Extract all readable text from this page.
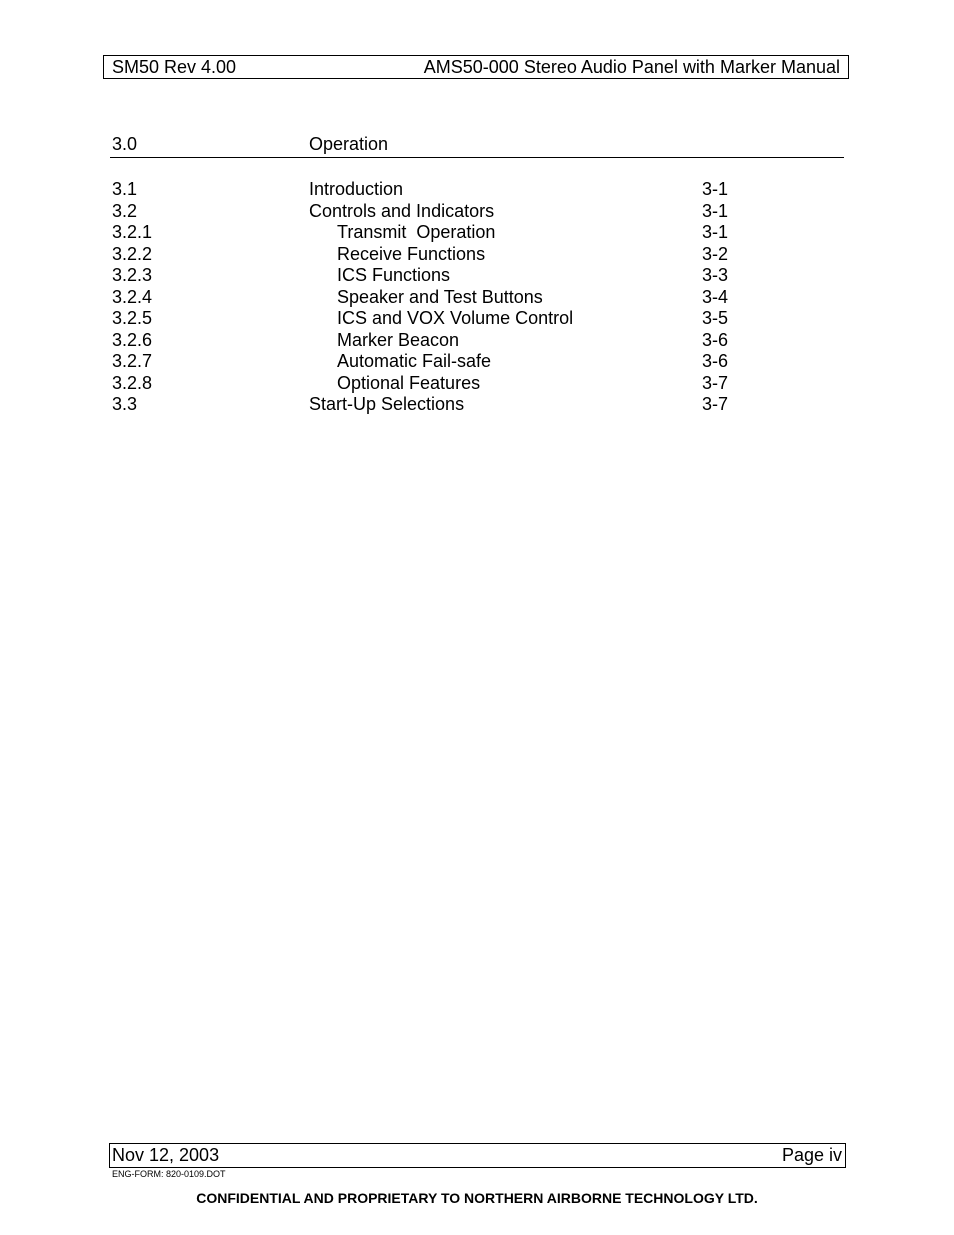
SM50 Rev 4.00	AMS50-000 Stereo Audio Panel with Marker Manual
3.0	Operation
3.1	Introduction	3-1
3.2	Controls and Indicators	3-1
3.2.1	Transmit  Operation	3-1
3.2.2	Receive Functions	3-2
3.2.3	ICS Functions	3-3
3.2.4	Speaker and Test Buttons	3-4
3.2.5	ICS and VOX Volume Control	3-5
3.2.6	Marker Beacon	3-6
3.2.7	Automatic Fail-safe	3-6
3.2.8	Optional Features	3-7
3.3	Start-Up Selections	3-7
Nov 12, 2003	Page iv
ENG-FORM: 820-0109.DOT
CONFIDENTIAL AND PROPRIETARY TO NORTHERN AIRBORNE TECHNOLOGY LTD.
